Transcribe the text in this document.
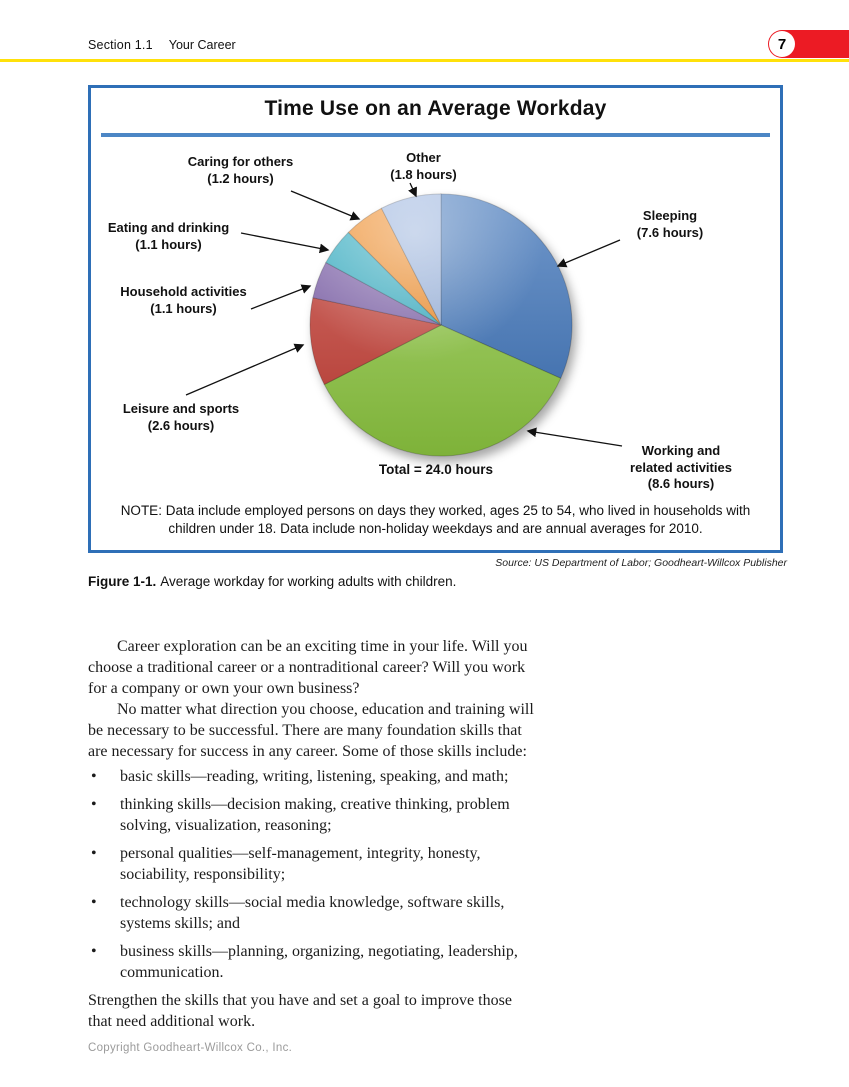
Section 1.1 Your Career	7
Time Use on an Average Workday
Caring for others
(1.2 hours)
Other
(1.8 hours)
Sleeping
(7.6 hours)
Eating and drinking
(1.1 hours)
Household activities
(1.1 hours)
Leisure and sports
(2.6 hours)
Working and related activities
(8.6 hours)
Total = 24.0 hours
NOTE: Data include employed persons on days they worked, ages 25 to 54, who lived in households with
children under 18. Data include non-holiday weekdays and are annual averages for 2010.
Source: US Department of Labor; Goodheart-Willcox Publisher
Figure 1-1. Average workday for working adults with children.
Career exploration can be an exciting time in your life. Will you
choose a traditional career or a nontraditional career? Will you work
for a company or own your own business?
No matter what direction you choose, education and training will
be necessary to be successful. There are many foundation skills that
are necessary for success in any career. Some of those skills include:
• basic skills—reading, writing, listening, speaking, and math;
• thinking skills—decision making, creative thinking, problem
solving, visualization, reasoning;
• personal qualities—self-management, integrity, honesty,
sociability, responsibility;
• technology skills—social media knowledge, software skills,
systems skills; and
• business skills—planning, organizing, negotiating, leadership,
communication.
Strengthen the skills that you have and set a goal to improve those
that need additional work.
Copyright Goodheart-Willcox Co., Inc.
